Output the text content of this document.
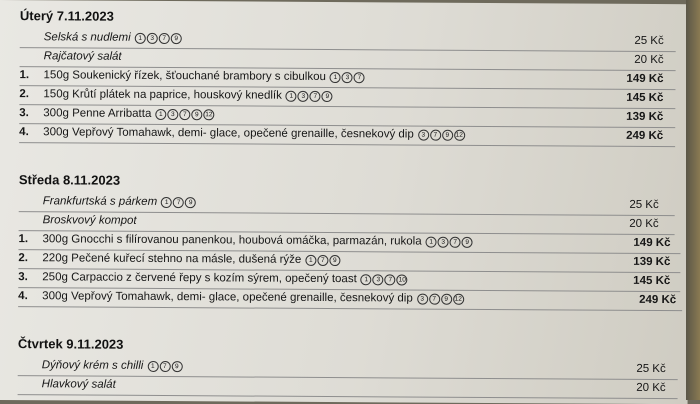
Úterý 7.11.2023
Selská s nudlemi 1 3 7 9	25 Kč
Rajčatový salát	20 Kč
1.	150g Soukenický řízek, šťouchané brambory s cibulkou 1 3 7	149 Kč
2.	150g Krůtí plátek na paprice, houskový knedlík 1 3 7 9	145 Kč
3.	300g Penne Arribatta 1 3 7 9 12	139 Kč
4.	300g Vepřový Tomahawk, demi- glace, opečené grenaille, česnekový dip 3 7 9 12	249 Kč
Středa 8.11.2023
Frankfurtská s párkem 1 7 9	25 Kč
Broskvový kompot	20 Kč
1.	300g Gnocchi s filírovanou panenkou, houbová omáčka, parmazán, rukola 1 3 7 9	149 Kč
2.	220g Pečené kuřecí stehno na másle, dušená rýže 1 7 9	139 Kč
3.	250g Carpaccio z červené řepy s kozím sýrem, opečený toast 1 3 7 10	145 Kč
4.	300g Vepřový Tomahawk, demi- glace, opečené grenaille, česnekový dip 3 7 9 12	249 Kč
Čtvrtek 9.11.2023
Dýňový krém s chilli 1 7 9	25 Kč
Hlavkový salát	20 Kč
